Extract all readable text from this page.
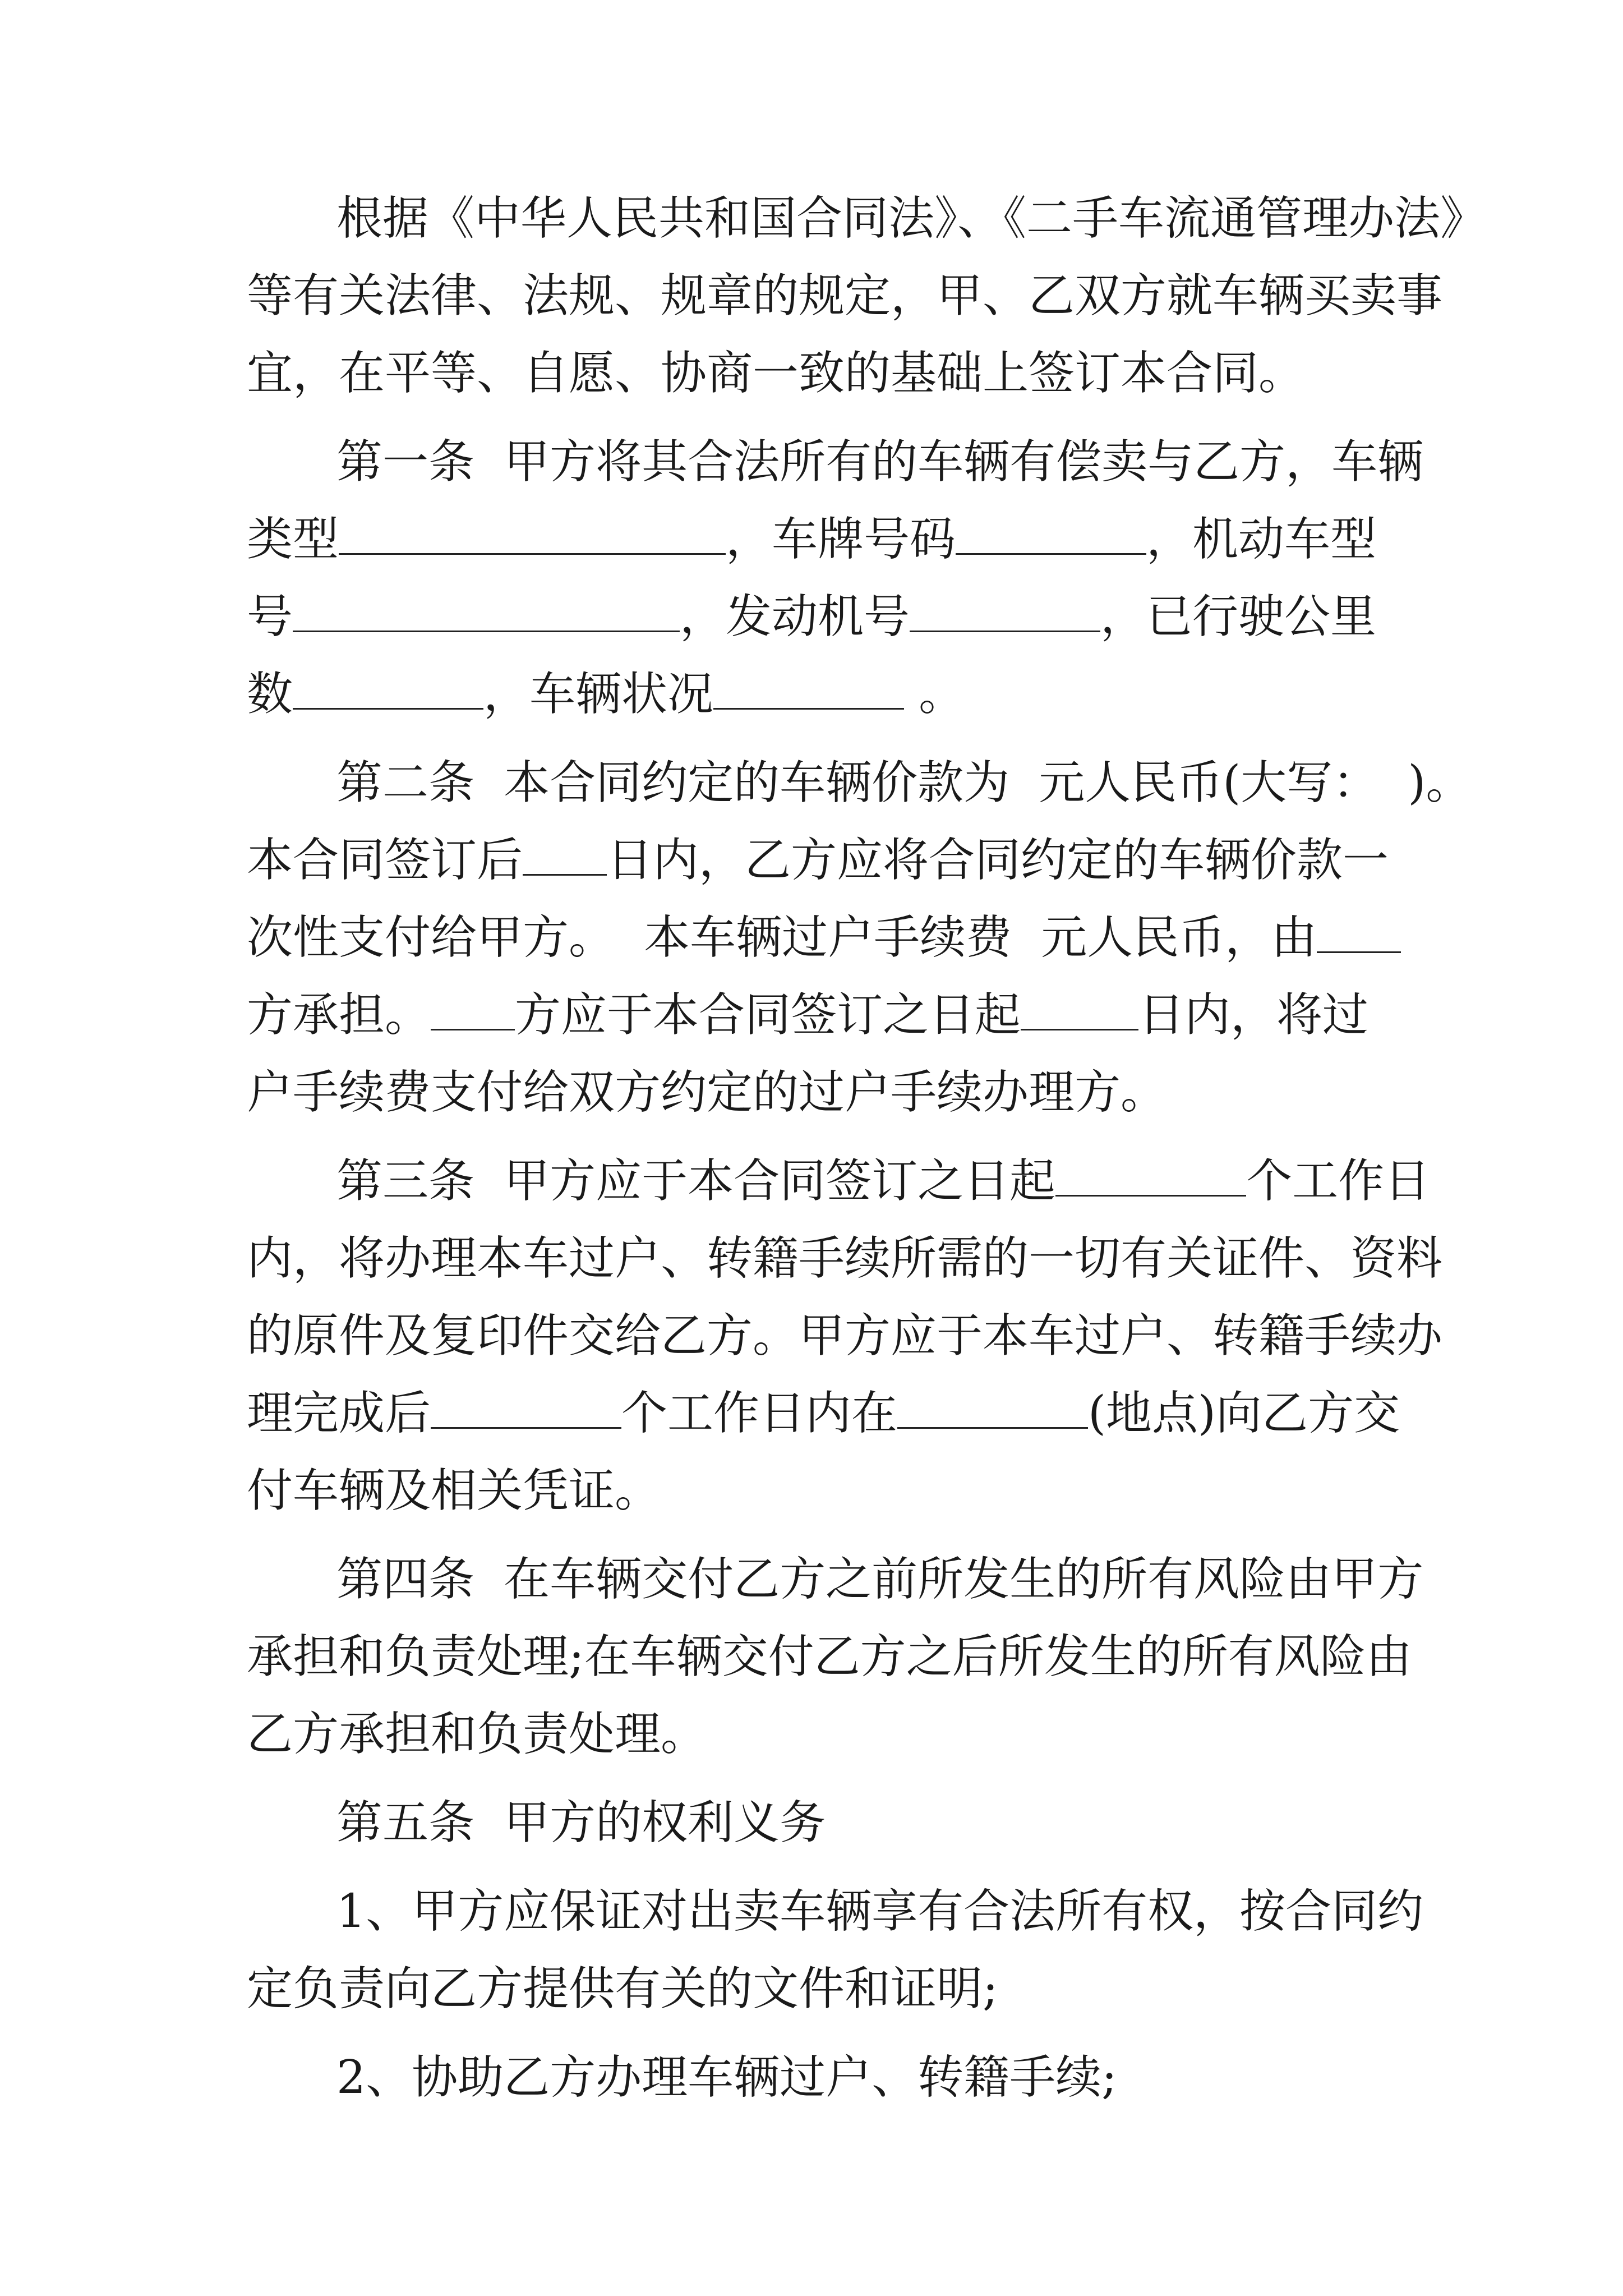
根据《中华人民共和国合同法》、《二手车流通管理办法》
等有关法律、法规、规章的规定，甲、乙双方就车辆买卖事
宜，在平等、自愿、协商一致的基础上签订本合同。
第一条  甲方将其合法所有的车辆有偿卖与乙方，车辆
类型	，车牌号码	，机动车型
号	，发动机号	，已行驶公里
数	，车辆状况	。
第二条  本合同约定的车辆价款为  元人民币(大写：  )。
本合同签订后 日内，乙方应将合同约定的车辆价款一
次性支付给甲方。  本车辆过户手续费  元人民币，由
方承担。 方应于本合同签订之日起	日内，将过
户手续费支付给双方约定的过户手续办理方。
第三条  甲方应于本合同签订之日起	个工作日
内，将办理本车过户、转籍手续所需的一切有关证件、资料
的原件及复印件交给乙方。甲方应于本车过户、转籍手续办
理完成后	个工作日内在	(地点)向乙方交
付车辆及相关凭证。
第四条  在车辆交付乙方之前所发生的所有风险由甲方
承担和负责处理;在车辆交付乙方之后所发生的所有风险由
乙方承担和负责处理。
第五条  甲方的权利义务
1、甲方应保证对出卖车辆享有合法所有权，按合同约
定负责向乙方提供有关的文件和证明;
2、协助乙方办理车辆过户、转籍手续;
